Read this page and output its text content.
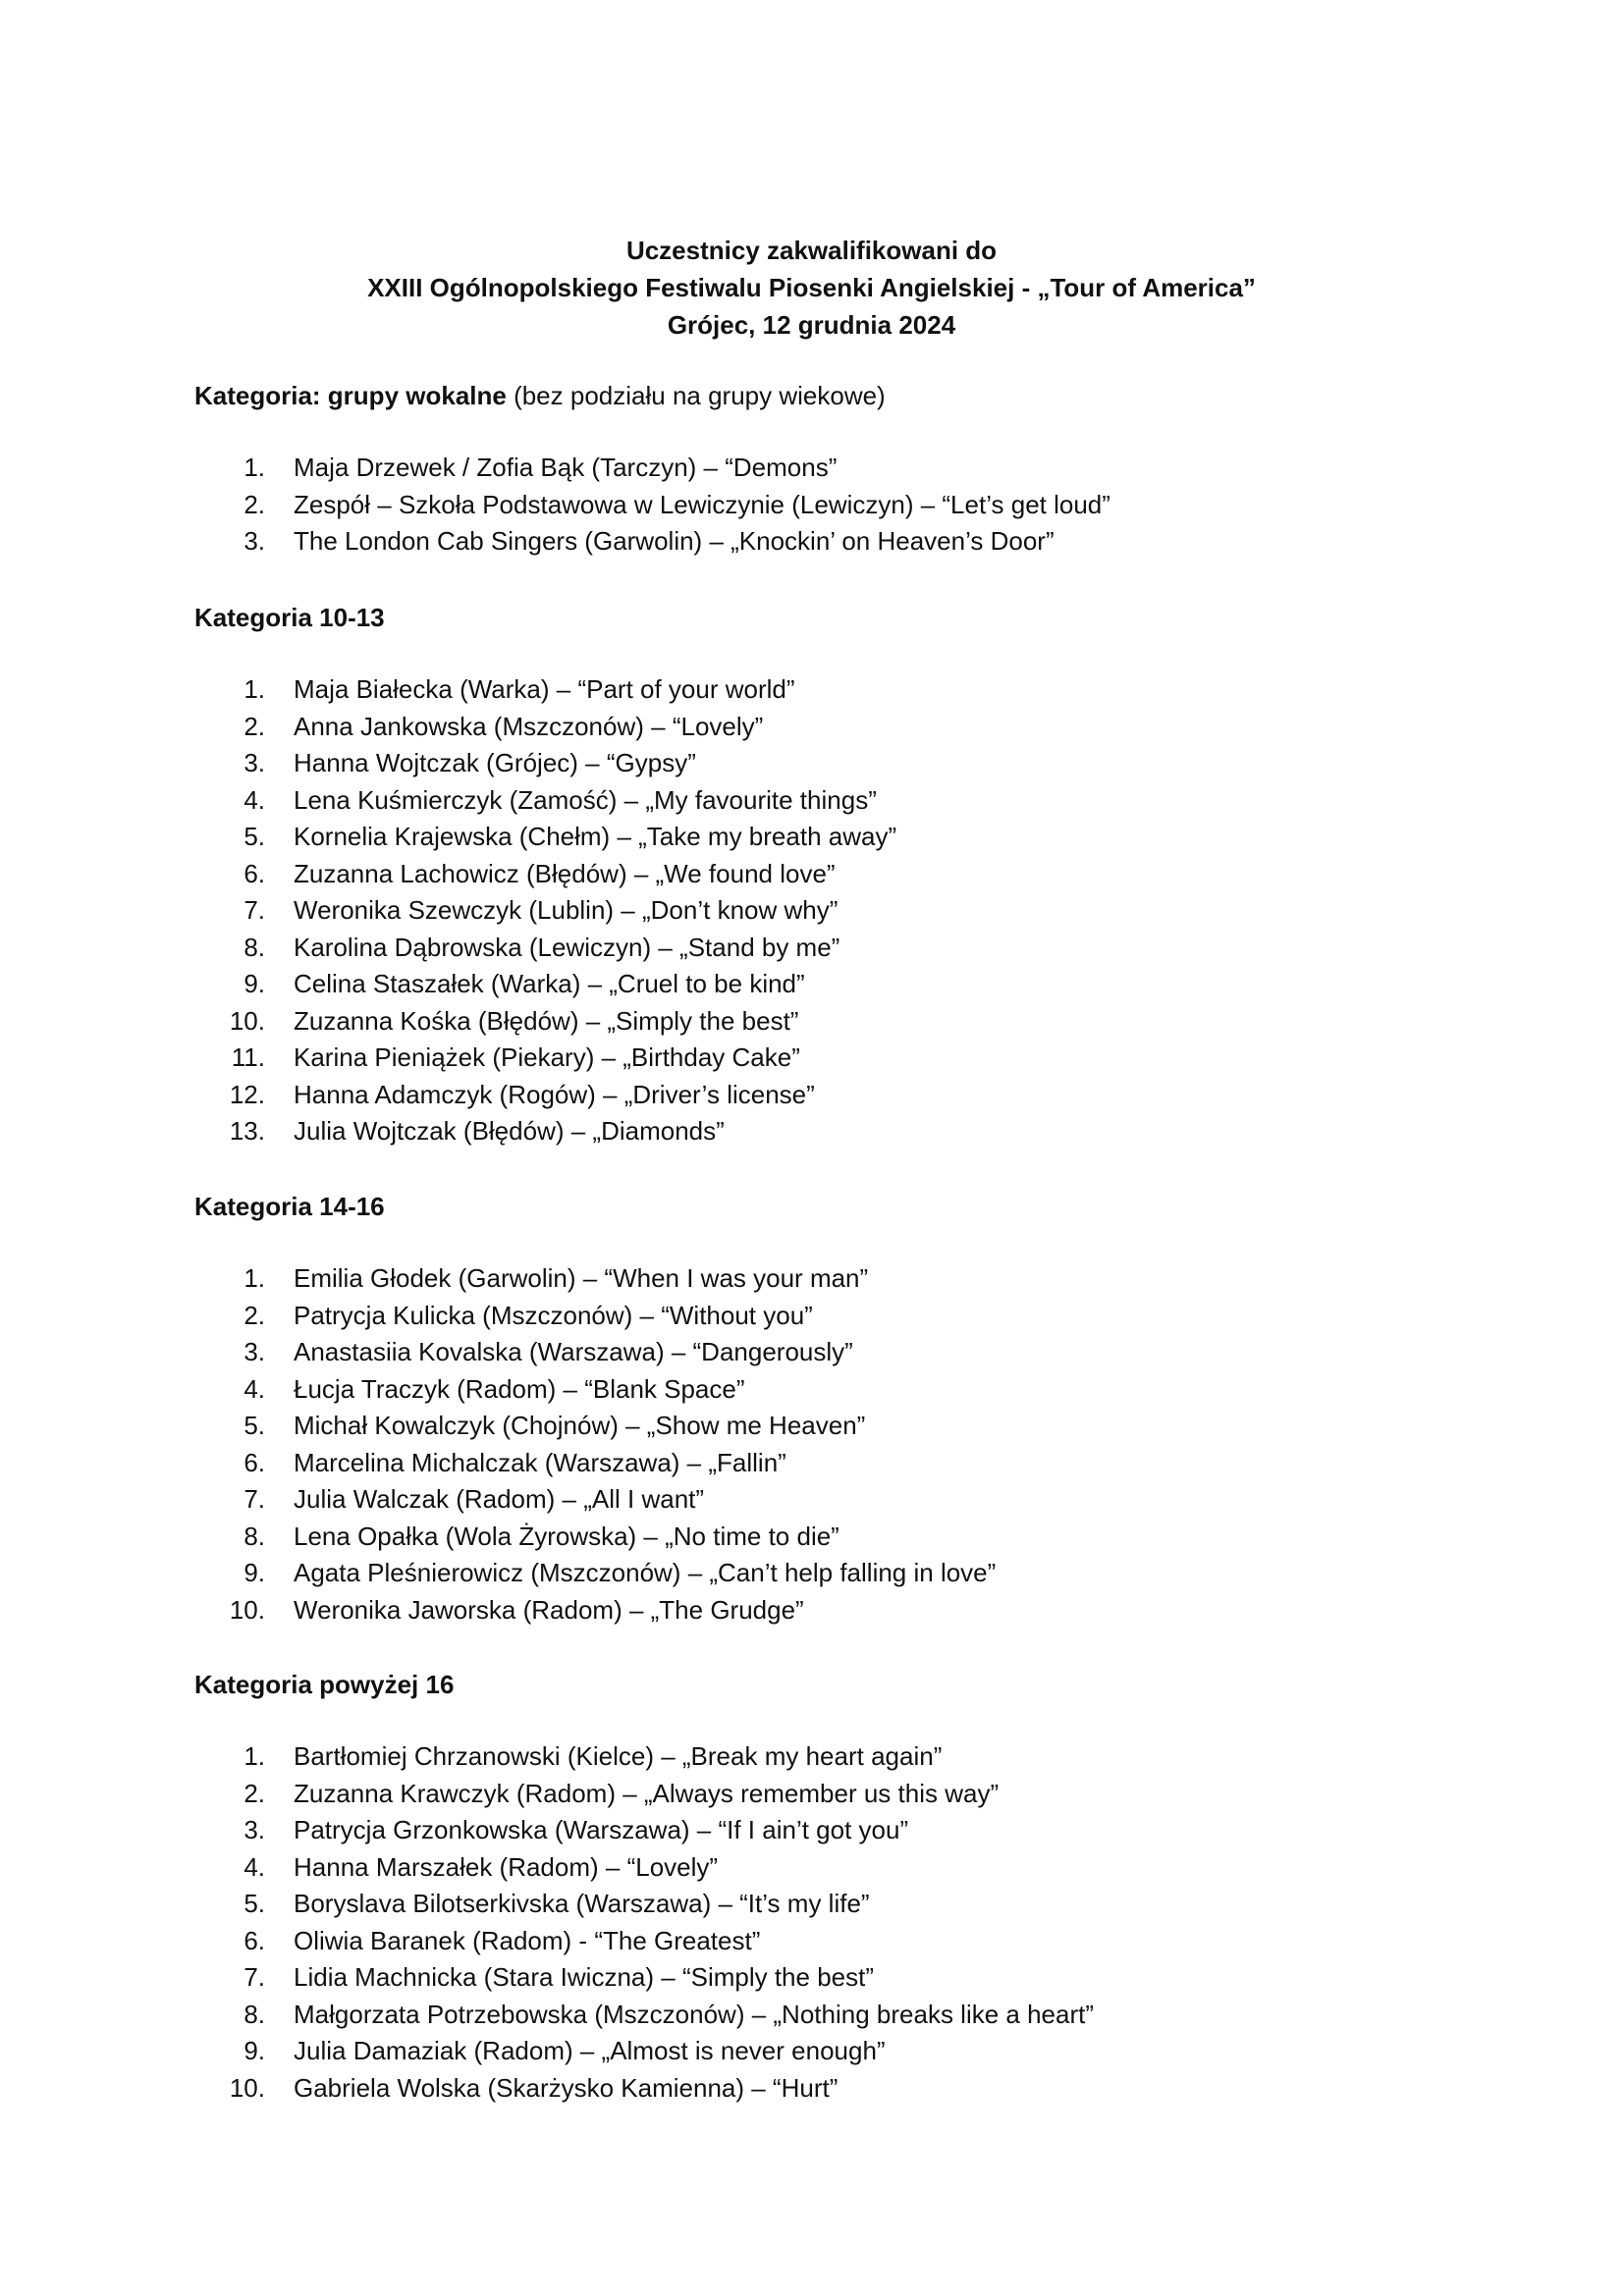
Uczestnicy zakwalifikowani do
XXIII Ogólnopolskiego Festiwalu Piosenki Angielskiej - „Tour of America”
Grójec, 12 grudnia 2024
Kategoria: grupy wokalne (bez podziału na grupy wiekowe)
1. Maja Drzewek / Zofia Bąk (Tarczyn) – “Demons”
2. Zespół – Szkoła Podstawowa w Lewiczynie (Lewiczyn) – “Let’s get loud”
3. The London Cab Singers (Garwolin) – „Knockin’ on Heaven’s Door”
Kategoria 10-13
1. Maja Białecka (Warka) – “Part of your world”
2. Anna Jankowska (Mszczonów) – “Lovely”
3. Hanna Wojtczak (Grójec) – “Gypsy”
4. Lena Kuśmierczyk (Zamość) – „My favourite things”
5. Kornelia Krajewska (Chełm) – „Take my breath away”
6. Zuzanna Lachowicz (Błędów) – „We found love”
7. Weronika Szewczyk (Lublin) – „Don’t know why”
8. Karolina Dąbrowska (Lewiczyn) – „Stand by me”
9. Celina Staszałek (Warka) – „Cruel to be kind”
10. Zuzanna Kośka (Błędów) – „Simply the best”
11. Karina Pieniążek (Piekary) – „Birthday Cake”
12. Hanna Adamczyk (Rogów) – „Driver’s license”
13. Julia Wojtczak (Błędów) – „Diamonds”
Kategoria 14-16
1. Emilia Głodek (Garwolin) – “When I was your man”
2. Patrycja Kulicka (Mszczonów) – “Without you”
3. Anastasiia Kovalska (Warszawa) – “Dangerously”
4. Łucja Traczyk (Radom) – “Blank Space”
5. Michał Kowalczyk (Chojnów) – „Show me Heaven”
6. Marcelina Michalczak (Warszawa) – „Fallin”
7. Julia Walczak (Radom) – „All I want”
8. Lena Opałka (Wola Żyrowska) – „No time to die”
9. Agata Pleśnierowicz (Mszczonów) – „Can’t help falling in love”
10. Weronika Jaworska (Radom) – „The Grudge”
Kategoria powyżej 16
1. Bartłomiej Chrzanowski (Kielce) – „Break my heart again”
2. Zuzanna Krawczyk (Radom) – „Always remember us this way”
3. Patrycja Grzonkowska (Warszawa) – “If I ain’t got you”
4. Hanna Marszałek (Radom) – “Lovely”
5. Boryslava Bilotserkivska (Warszawa) – “It’s my life”
6. Oliwia Baranek (Radom) - “The Greatest”
7. Lidia Machnicka (Stara Iwiczna) – “Simply the best”
8. Małgorzata Potrzebowska (Mszczonów) – „Nothing breaks like a heart”
9. Julia Damaziak (Radom) – „Almost is never enough”
10. Gabriela Wolska (Skarżysko Kamienna) – “Hurt”
